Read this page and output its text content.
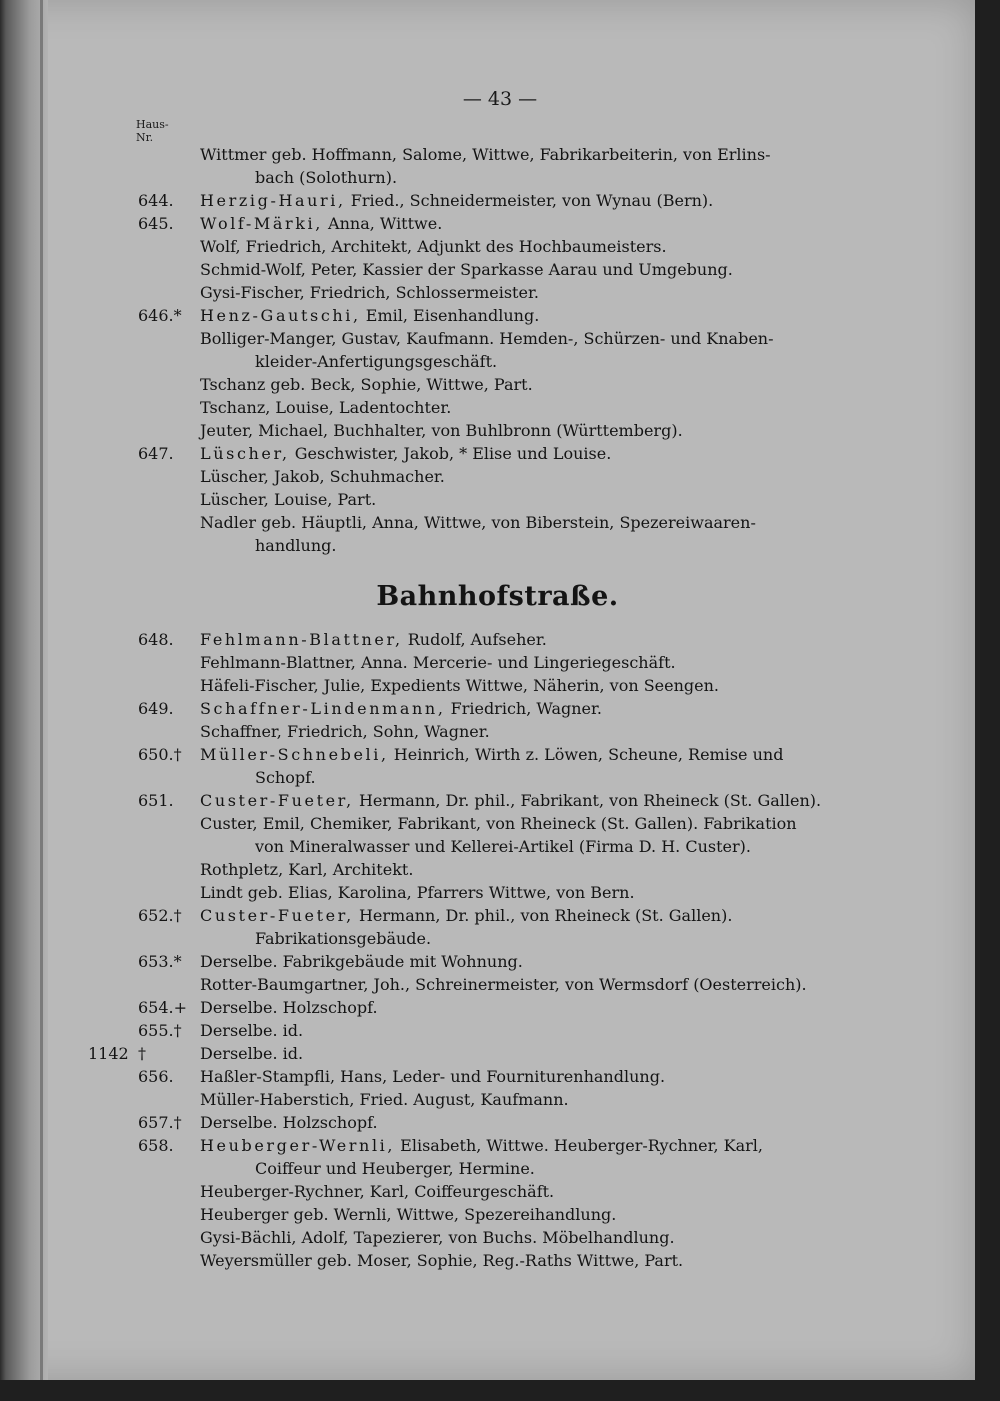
— 43 —
Haus-
Nr.
Wittmer geb. Hoffmann, Salome, Wittwe, Fabrikarbeiterin, von Erlins-
bach (Solothurn).
644.	Herzig-Hauri, Fried., Schneidermeister, von Wynau (Bern).
645.	Wolf-Märki, Anna, Wittwe.
Wolf, Friedrich, Architekt, Adjunkt des Hochbaumeisters.
Schmid-Wolf, Peter, Kassier der Sparkasse Aarau und Umgebung.
Gysi-Fischer, Friedrich, Schlossermeister.
646.* Henz-Gautschi, Emil, Eisenhandlung.
Bolliger-Manger, Gustav, Kaufmann. Hemden-, Schürzen- und Knaben-
kleider-Anfertigungsgeschäft.
Tschanz geb. Beck, Sophie, Wittwe, Part.
Tschanz, Louise, Ladentochter.
Jeuter, Michael, Buchhalter, von Buhlbronn (Württemberg).
647.	Lüscher, Geschwister, Jakob, * Elise und Louise.
Lüscher, Jakob, Schuhmacher.
Lüscher, Louise, Part.
Nadler geb. Häuptli, Anna, Wittwe, von Biberstein, Spezereiwaaren-
handlung.
Bahnhofstraße.
648.	Fehlmann-Blattner, Rudolf, Aufseher.
Fehlmann-Blattner, Anna. Mercerie- und Lingeriegeschäft.
Häfeli-Fischer, Julie, Expedients Wittwe, Näherin, von Seengen.
649.	Schaffner-Lindenmann, Friedrich, Wagner.
Schaffner, Friedrich, Sohn, Wagner.
650.† Müller-Schnebeli, Heinrich, Wirth z. Löwen, Scheune, Remise und
Schopf.
651.	Custer-Fueter, Hermann, Dr. phil., Fabrikant, von Rheineck (St. Gallen).
Custer, Emil, Chemiker, Fabrikant, von Rheineck (St. Gallen). Fabrikation
von Mineralwasser und Kellerei-Artikel (Firma D. H. Custer).
Rothpletz, Karl, Architekt.
Lindt geb. Elias, Karolina, Pfarrers Wittwe, von Bern.
652.† Custer-Fueter, Hermann, Dr. phil., von Rheineck (St. Gallen).
Fabrikationsgebäude.
653.* Derselbe. Fabrikgebäude mit Wohnung.
Rotter-Baumgartner, Joh., Schreinermeister, von Wermsdorf (Oesterreich).
654.+ Derselbe. Holzschopf.
655.† Derselbe. id.
1142 †	Derselbe. id.
656.	Haßler-Stampfli, Hans, Leder- und Fourniturenhandlung.
Müller-Haberstich, Fried. August, Kaufmann.
657.† Derselbe. Holzschopf.
658.	Heuberger-Wernli, Elisabeth, Wittwe. Heuberger-Rychner, Karl,
Coiffeur und Heuberger, Hermine.
Heuberger-Rychner, Karl, Coiffeurgeschäft.
Heuberger geb. Wernli, Wittwe, Spezereihandlung.
Gysi-Bächli, Adolf, Tapezierer, von Buchs. Möbelhandlung.
Weyersmüller geb. Moser, Sophie, Reg.-Raths Wittwe, Part.
